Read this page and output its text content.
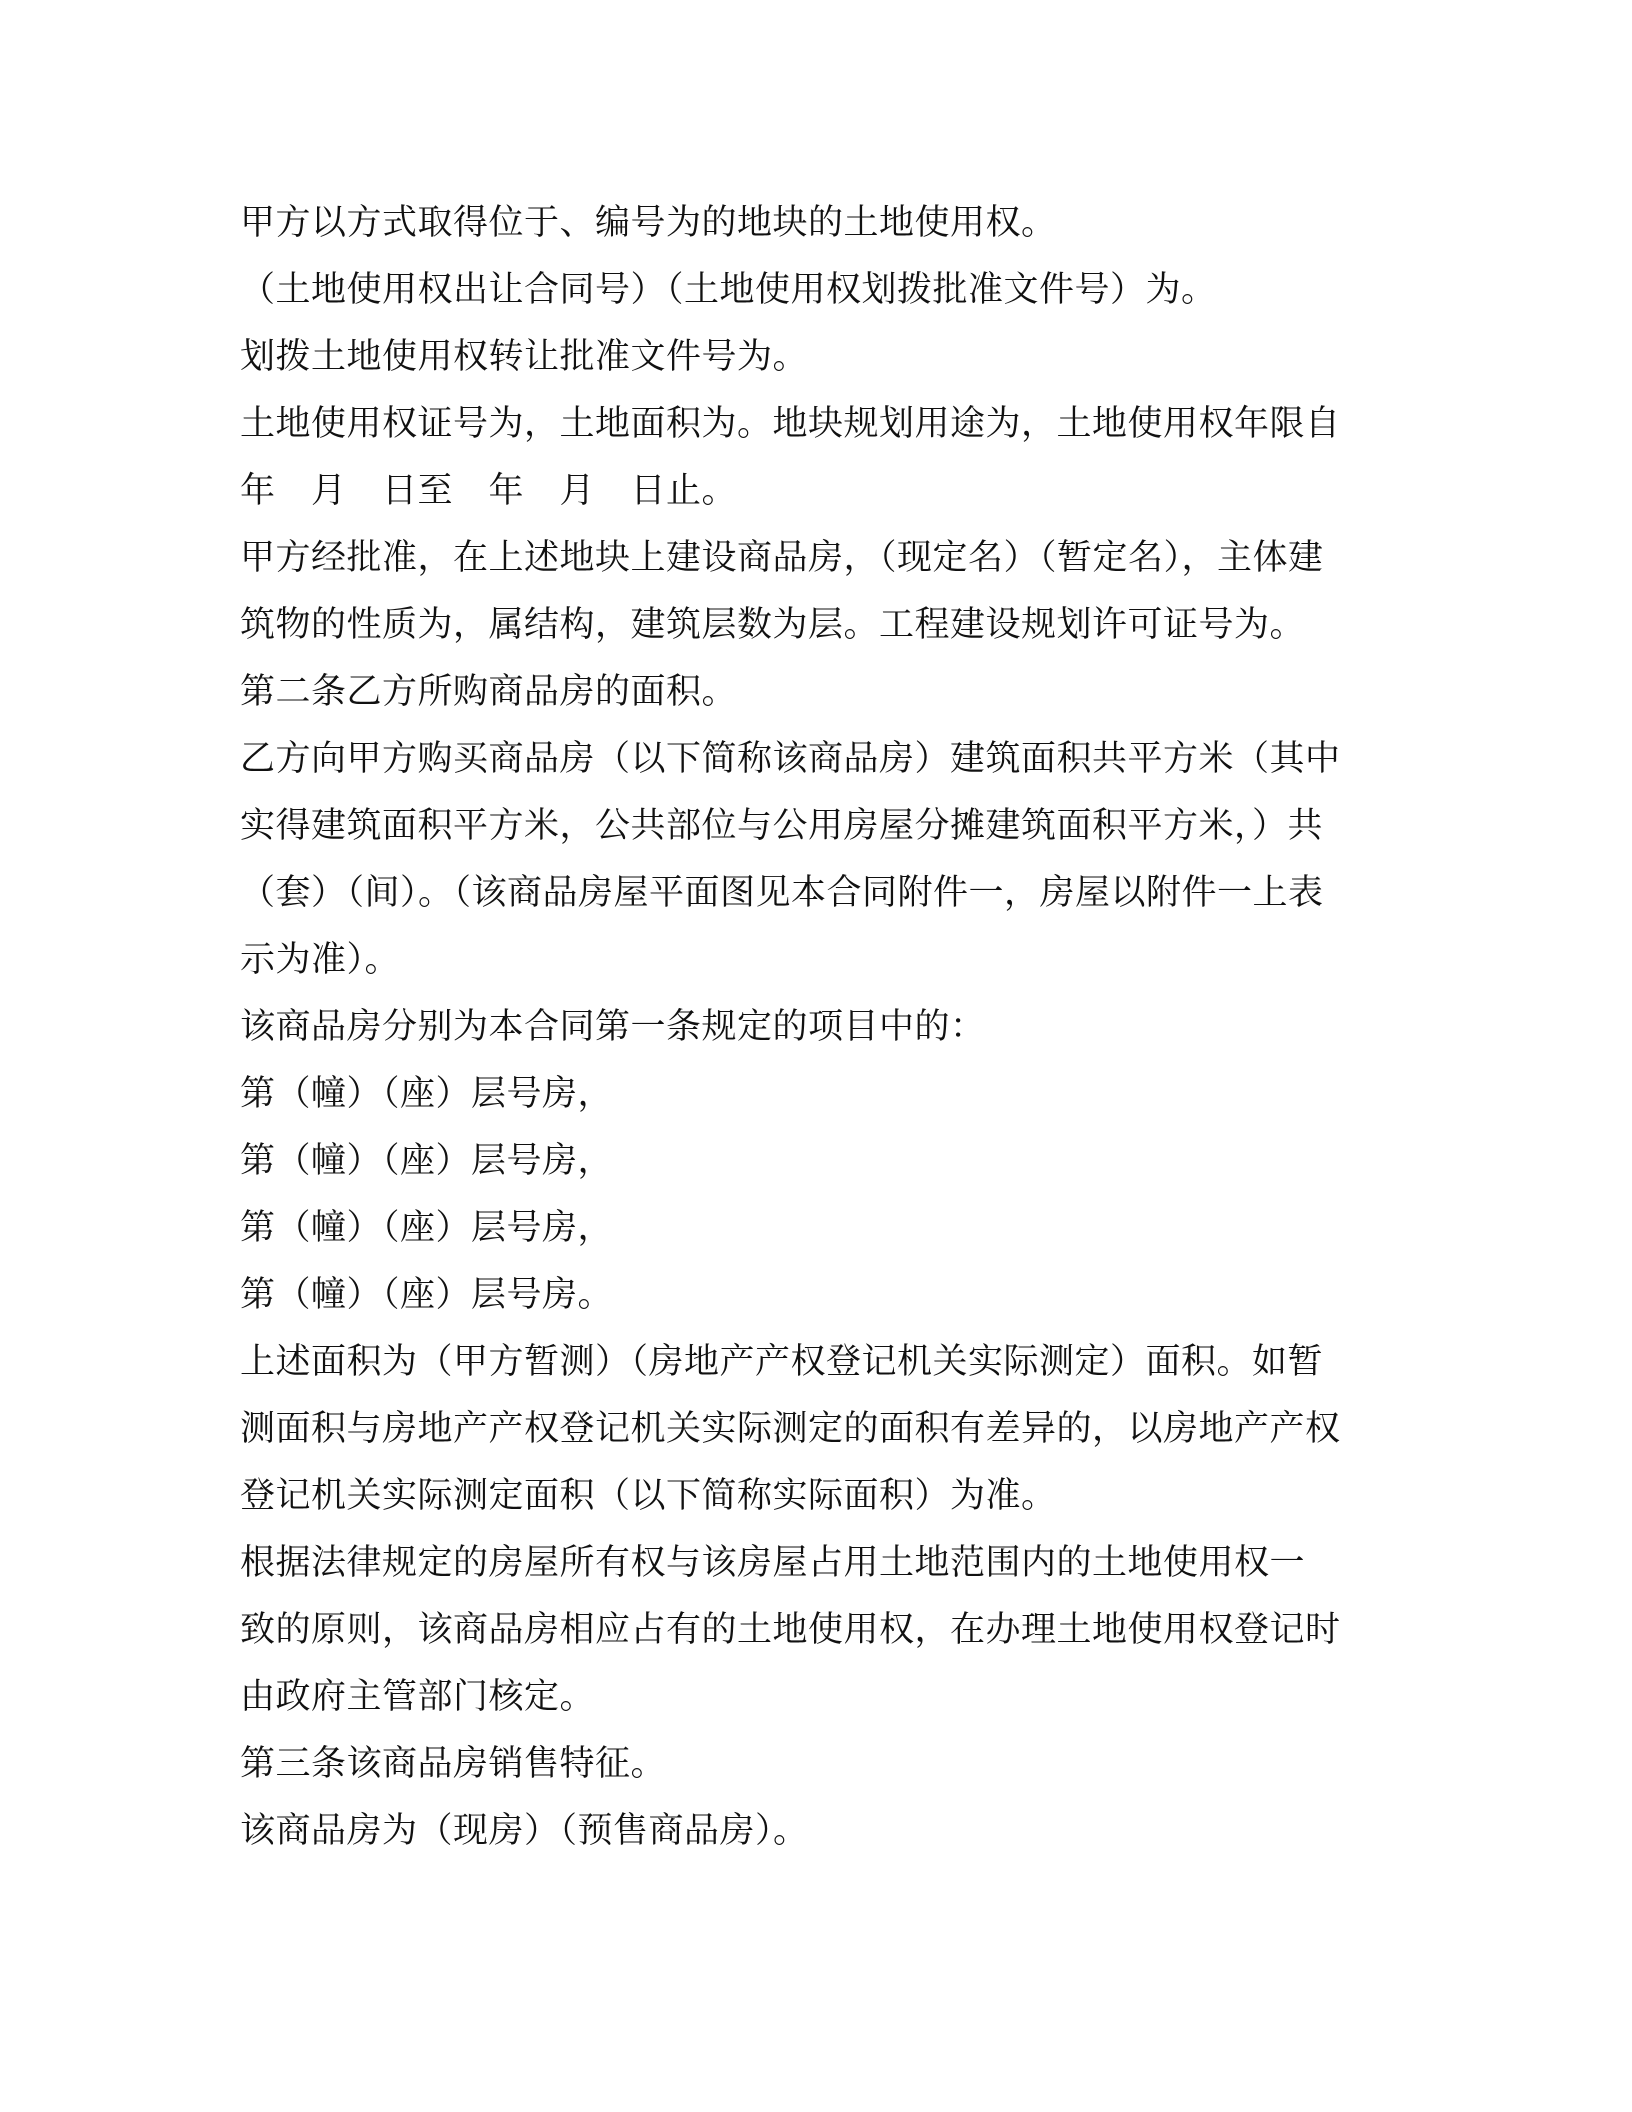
甲方以方式取得位于、编号为的地块的土地使用权。

（土地使用权出让合同号）（土地使用权划拨批准文件号）为。

划拨土地使用权转让批准文件号为。

土地使用权证号为，土地面积为。地块规划用途为，土地使用权年限自
年　月　日至　年　月　日止。

甲方经批准，在上述地块上建设商品房，（现定名）（暂定名），主体建
筑物的性质为，属结构，建筑层数为层。工程建设规划许可证号为。

第二条乙方所购商品房的面积。

乙方向甲方购买商品房（以下简称该商品房）建筑面积共平方米（其中
实得建筑面积平方米，公共部位与公用房屋分摊建筑面积平方米，）共
（套）（间）。（该商品房屋平面图见本合同附件一，房屋以附件一上表
示为准）。

该商品房分别为本合同第一条规定的项目中的：

第（幢）（座）层号房，

第（幢）（座）层号房，

第（幢）（座）层号房，

第（幢）（座）层号房。

上述面积为（甲方暂测）（房地产产权登记机关实际测定）面积。如暂
测面积与房地产产权登记机关实际测定的面积有差异的，以房地产产权
登记机关实际测定面积（以下简称实际面积）为准。

根据法律规定的房屋所有权与该房屋占用土地范围内的土地使用权一
致的原则，该商品房相应占有的土地使用权，在办理土地使用权登记时
由政府主管部门核定。

第三条该商品房销售特征。

该商品房为（现房）（预售商品房）。
